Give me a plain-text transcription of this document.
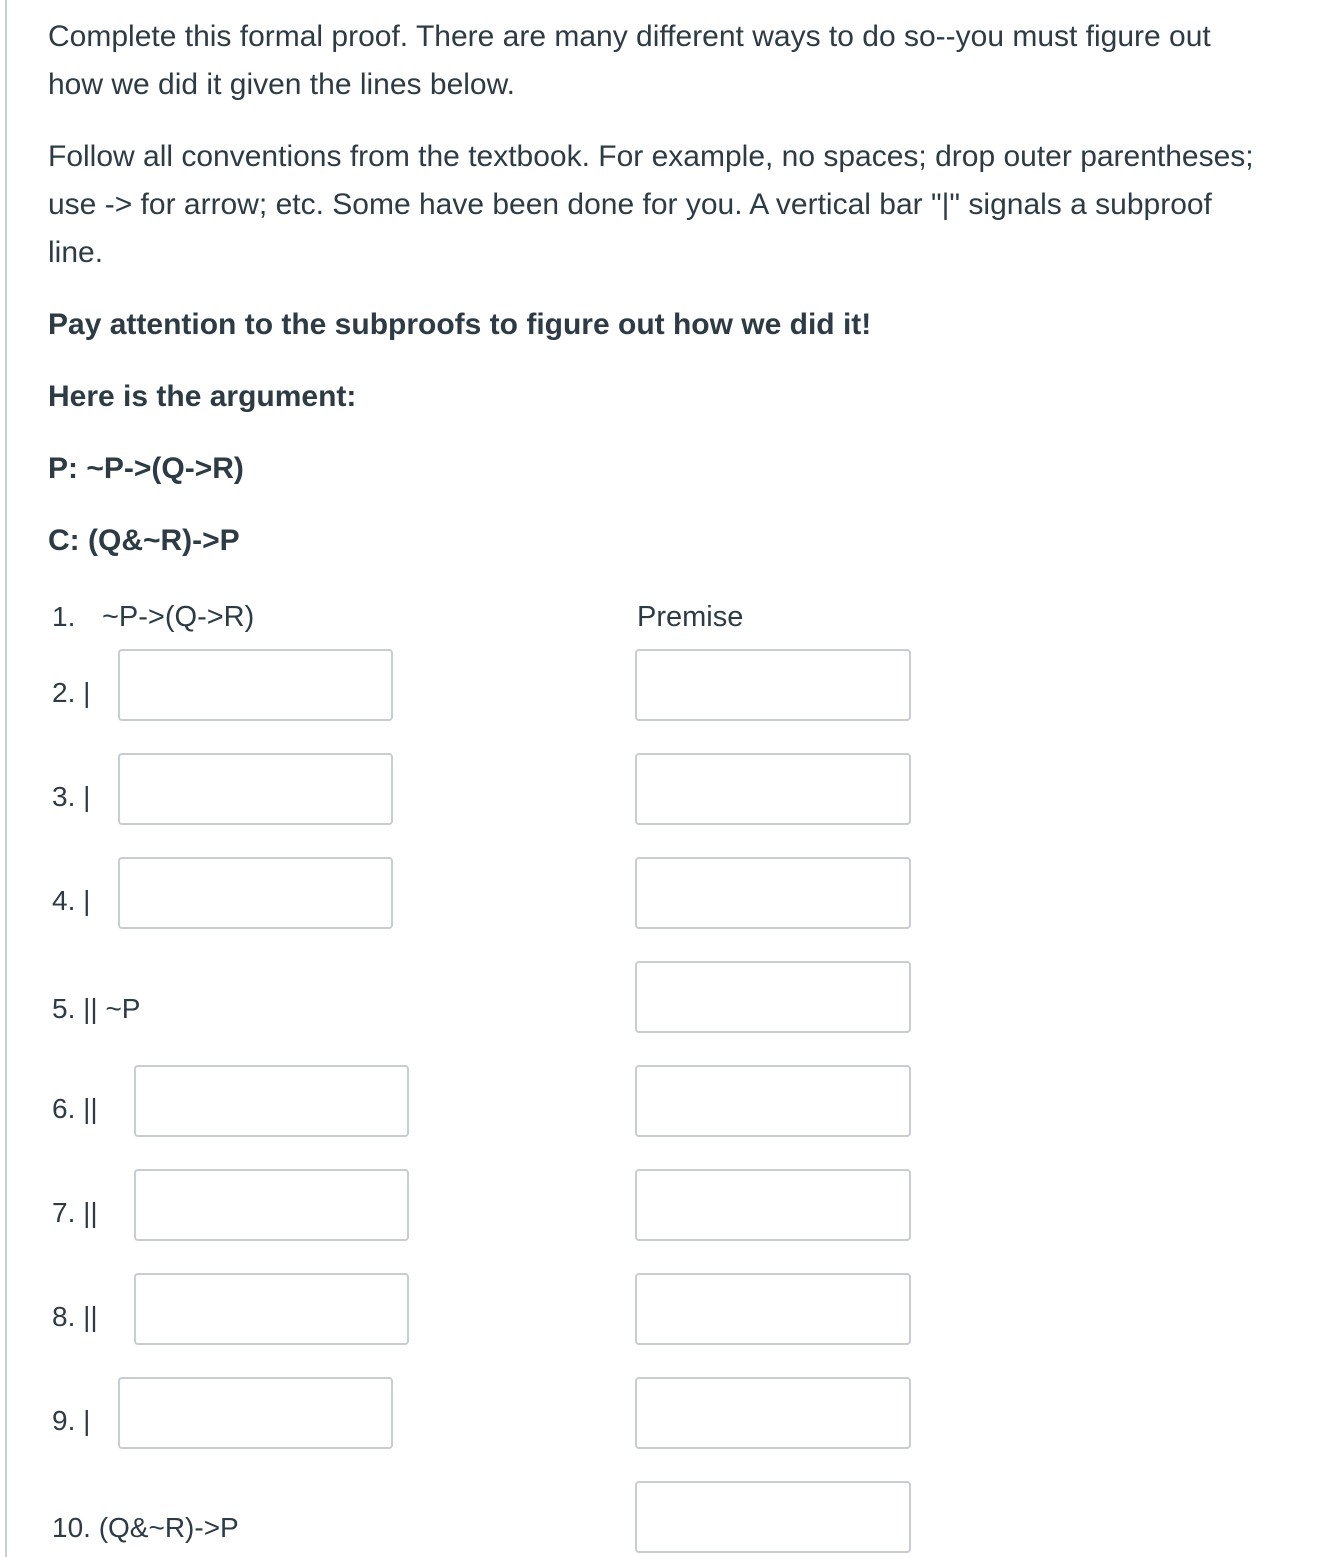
Complete this formal proof. There are many different ways to do so--you must figure out

how we did it given the lines below.

Follow all conventions from the textbook. For example, no spaces; drop outer parentheses;

use -> for arrow; etc. Some have been done for you. A vertical bar "|" signals a subproof

line.

Pay attention to the subproofs to figure out how we did it!

Here is the argument:

P: ~P->(Q->R)

C: (Q&~R)->P

1. ~P->(Q->R)	Premise
2. |
3. |
4. |
5. || ~P
6. ||
7. ||
8. ||
9. |
10. (Q&~R)->P
